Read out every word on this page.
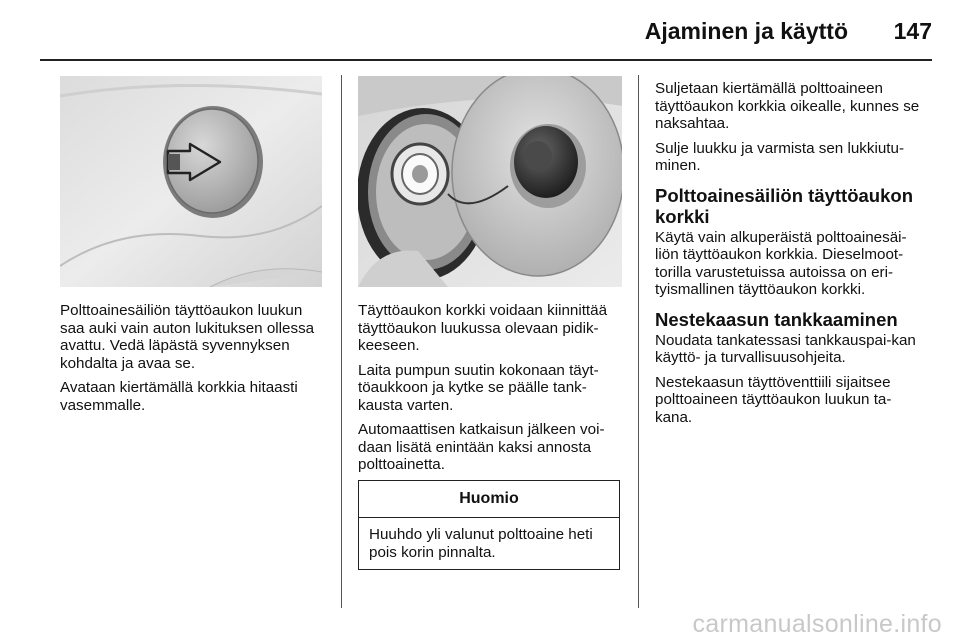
Ajaminen ja käyttö	147

Polttoainesäiliön täyttöaukon luukun saa auki vain auton lukituksen ollessa avattu. Vedä läpästä syvennyksen kohdalta ja avaa se.

Avataan kiertämällä korkkia hitaasti vasemmalle.

Täyttöaukon korkki voidaan kiinnittää täyttöaukon luukussa olevaan pidik-keeseen.

Laita pumpun suutin kokonaan täyt-töaukkoon ja kytke se päälle tank-kausta varten.

Automaattisen katkaisun jälkeen voi-daan lisätä enintään kaksi annosta polttoainetta.

Huomio
Huuhdo yli valunut polttoaine heti pois korin pinnalta.

Suljetaan kiertämällä polttoaineen täyttöaukon korkkia oikealle, kunnes se naksahtaa.

Sulje luukku ja varmista sen lukkiutu-minen.

Polttoainesäiliön täyttöaukon korkki

Käytä vain alkuperäistä polttoainesäi-liön täyttöaukon korkkia. Dieselmoot-torilla varustetuissa autoissa on eri-tyismallinen täyttöaukon korkki.

Nestekaasun tankkaaminen

Noudata tankatessasi tankkauspai-kan käyttö- ja turvallisuusohjeita.

Nestekaasun täyttöventtiili sijaitsee polttoaineen täyttöaukon luukun ta-kana.

carmanualsonline.info
